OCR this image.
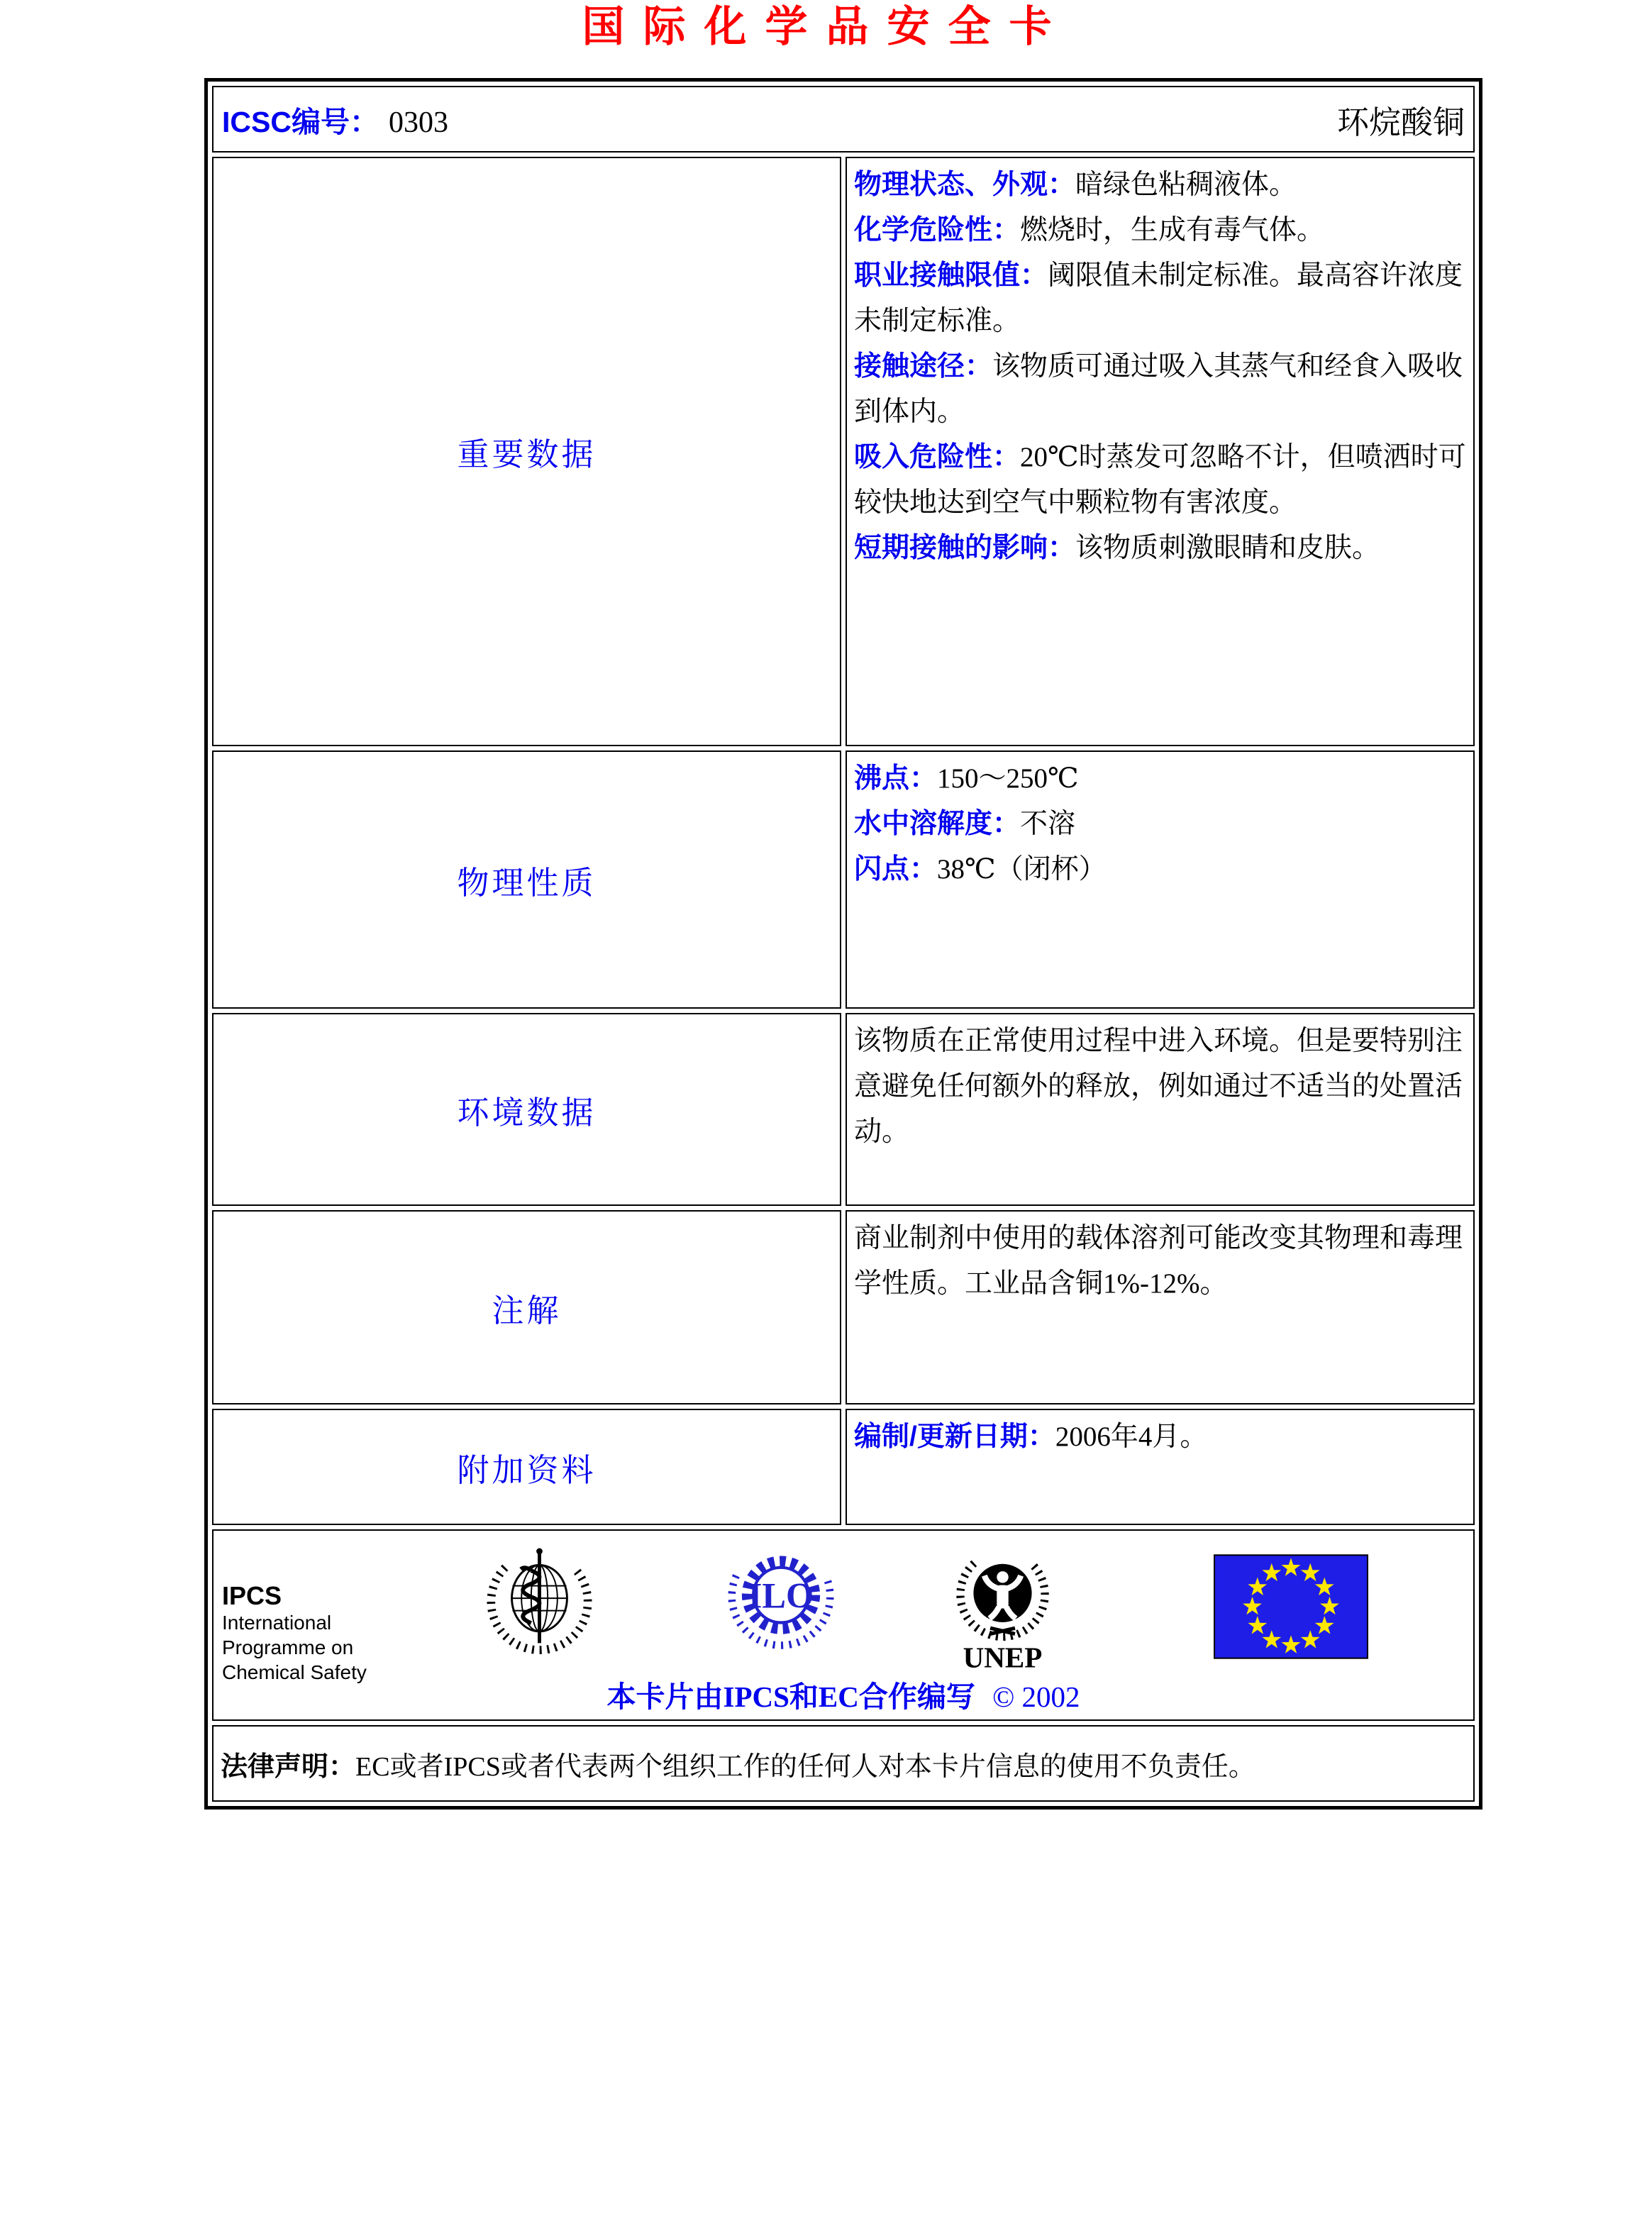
国际化学品安全卡
ICSC编号： 0303 环烷酸铜	

重要数据	
物理状态、外观：暗绿色粘稠液体。
化学危险性：燃烧时，生成有毒气体。
职业接触限值：阈限值未制定标准。最高容许浓度未制定标准。
接触途径：该物质可通过吸入其蒸气和经食入吸收到体内。
吸入危险性：20℃时蒸发可忽略不计，但喷洒时可较快地达到空气中颗粒物有害浓度。
短期接触的影响：该物质刺激眼睛和皮肤。

物理性质	沸点：150～250℃
水中溶解度：不溶
闪点：38℃（闭杯）

环境数据	该物质在正常使用过程中进入环境。但是要特别注意避免任何额外的释放，例如通过不适当的处置活动。
注解	商业制剂中使用的载体溶剂可能改变其物理和毒理学性质。工业品含铜1%-12%。
附加资料	编制/更新日期：2006年4月。

IPCS
International
Programme on
Chemical Safety
ILO
UNEP
本卡片由IPCS和EC合作编写 © 2002

法律声明：EC或者IPCS或者代表两个组织工作的任何人对本卡片信息的使用不负责任。	
